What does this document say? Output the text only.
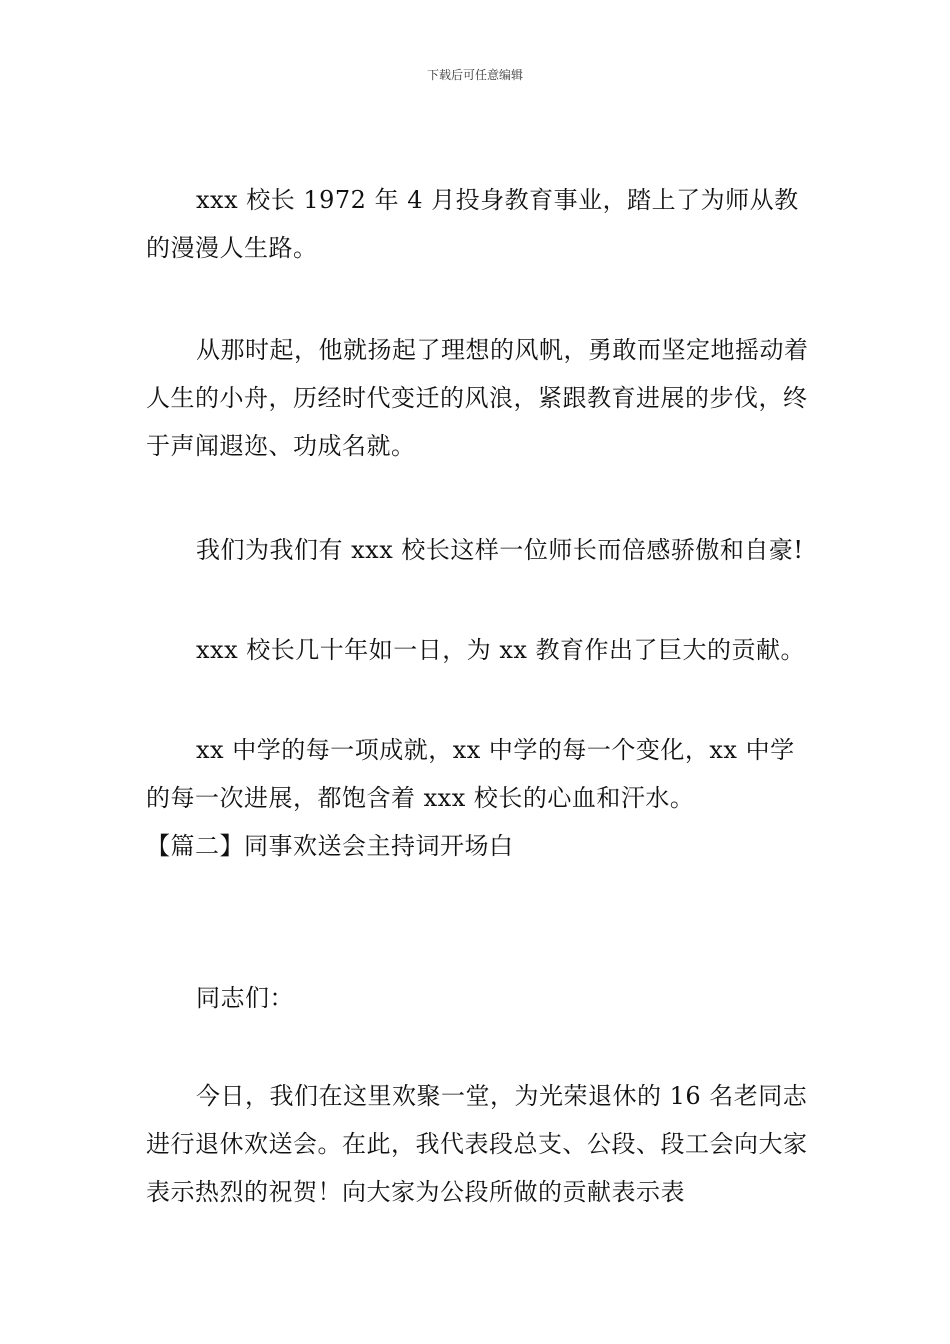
下载后可任意编辑

xxx 校长 1972 年 4 月投身教育事业，踏上了为师从教的漫漫人生路。

从那时起，他就扬起了理想的风帆，勇敢而坚定地摇动着人生的小舟，历经时代变迁的风浪，紧跟教育进展的步伐，终于声闻遐迩、功成名就。

我们为我们有 xxx 校长这样一位师长而倍感骄傲和自豪!

xxx 校长几十年如一日，为 xx 教育作出了巨大的贡献。

xx 中学的每一项成就，xx 中学的每一个变化，xx 中学的每一次进展，都饱含着 xxx 校长的心血和汗水。

【篇二】同事欢送会主持词开场白

同志们：

今日，我们在这里欢聚一堂，为光荣退休的 16 名老同志进行退休欢送会。在此，我代表段总支、公段、段工会向大家表示热烈的祝贺！向大家为公段所做的贡献表示表
